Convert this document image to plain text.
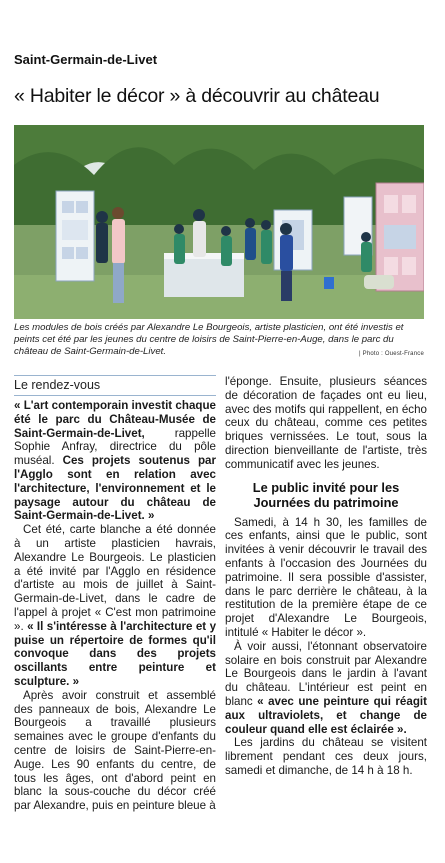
Saint-Germain-de-Livet
« Habiter le décor » à découvrir au château
Les modules de bois créés par Alexandre Le Bourgeois, artiste plasticien, ont été investis et peints cet été par les jeunes du centre de loisirs de Saint-Pierre-en-Auge, dans le parc du château de Saint-Germain-de-Livet.	| Photo : Ouest-France
Le rendez-vous

« L'art contemporain investit chaque été le parc du Château-Musée de Saint-Germain-de-Livet, rappelle Sophie Anfray, directrice du pôle muséal. Ces projets soutenus par l'Agglo sont en relation avec l'architecture, l'environnement et le paysage autour du château de Saint-Germain-de-Livet. »

Cet été, carte blanche a été donnée à un artiste plasticien havrais, Alexandre Le Bourgeois. Le plasticien a été invité par l'Agglo en résidence d'artiste au mois de juillet à Saint-Germain-de-Livet, dans le cadre de l'appel à projet « C'est mon patrimoine ». « Il s'intéresse à l'architecture et y puise un répertoire de formes qu'il convoque dans des projets oscillants entre peinture et sculpture. »

Après avoir construit et assemblé des panneaux de bois, Alexandre Le Bourgeois a travaillé plusieurs semaines avec le groupe d'enfants du centre de loisirs de Saint-Pierre-en-Auge. Les 90 enfants du centre, de tous les âges, ont d'abord peint en blanc la sous-couche du décor créé par Alexandre, puis en peinture bleue à

l'éponge. Ensuite, plusieurs séances de décoration de façades ont eu lieu, avec des motifs qui rappellent, en écho ceux du château, comme ces petites briques vernissées. Le tout, sous la direction bienveillante de l'artiste, très communicatif avec les jeunes.

Le public invité pour les Journées du patrimoine

Samedi, à 14 h 30, les familles de ces enfants, ainsi que le public, sont invitées à venir découvrir le travail des enfants à l'occasion des Journées du patrimoine. Il sera possible d'assister, dans le parc derrière le château, à la restitution de la première étape de ce projet d'Alexandre Le Bourgeois, intitulé « Habiter le décor ».

À voir aussi, l'étonnant observatoire solaire en bois construit par Alexandre Le Bourgeois dans le jardin à l'avant du château. L'intérieur est peint en blanc « avec une peinture qui réagit aux ultraviolets, et change de couleur quand elle est éclairée ».

Les jardins du château se visitent librement pendant ces deux jours, samedi et dimanche, de 14 h à 18 h.
